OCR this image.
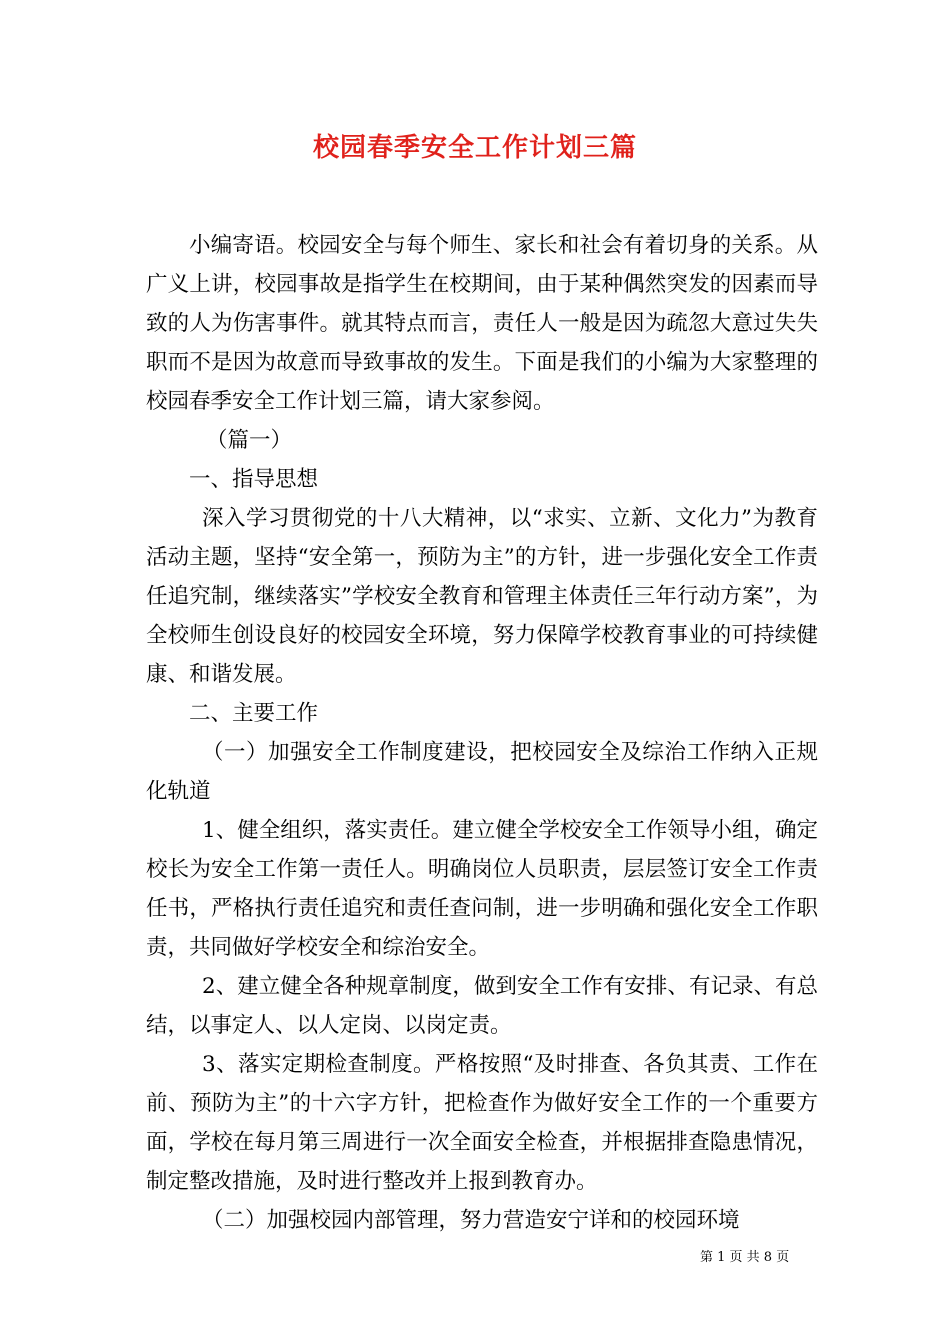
校园春季安全工作计划三篇

小编寄语。校园安全与每个师生、家长和社会有着切身的关系。从广义上讲，校园事故是指学生在校期间，由于某种偶然突发的因素而导致的人为伤害事件。就其特点而言，责任人一般是因为疏忽大意过失失职而不是因为故意而导致事故的发生。下面是我们的小编为大家整理的校园春季安全工作计划三篇，请大家参阅。

（篇一）

一、指导思想

深入学习贯彻党的十八大精神，以“求实、立新、文化力”为教育活动主题，坚持“安全第一，预防为主”的方针，进一步强化安全工作责任追究制，继续落实”学校安全教育和管理主体责任三年行动方案”，为全校师生创设良好的校园安全环境，努力保障学校教育事业的可持续健康、和谐发展。

二、主要工作

（一）加强安全工作制度建设，把校园安全及综治工作纳入正规化轨道

1、健全组织，落实责任。建立健全学校安全工作领导小组，确定校长为安全工作第一责任人。明确岗位人员职责，层层签订安全工作责任书，严格执行责任追究和责任查问制，进一步明确和强化安全工作职责，共同做好学校安全和综治安全。

2、建立健全各种规章制度，做到安全工作有安排、有记录、有总结，以事定人、以人定岗、以岗定责。

3、落实定期检查制度。严格按照“及时排查、各负其责、工作在前、预防为主”的十六字方针，把检查作为做好安全工作的一个重要方面，学校在每月第三周进行一次全面安全检查，并根据排查隐患情况，制定整改措施，及时进行整改并上报到教育办。

（二）加强校园内部管理，努力营造安宁详和的校园环境

第 1 页 共 8 页
